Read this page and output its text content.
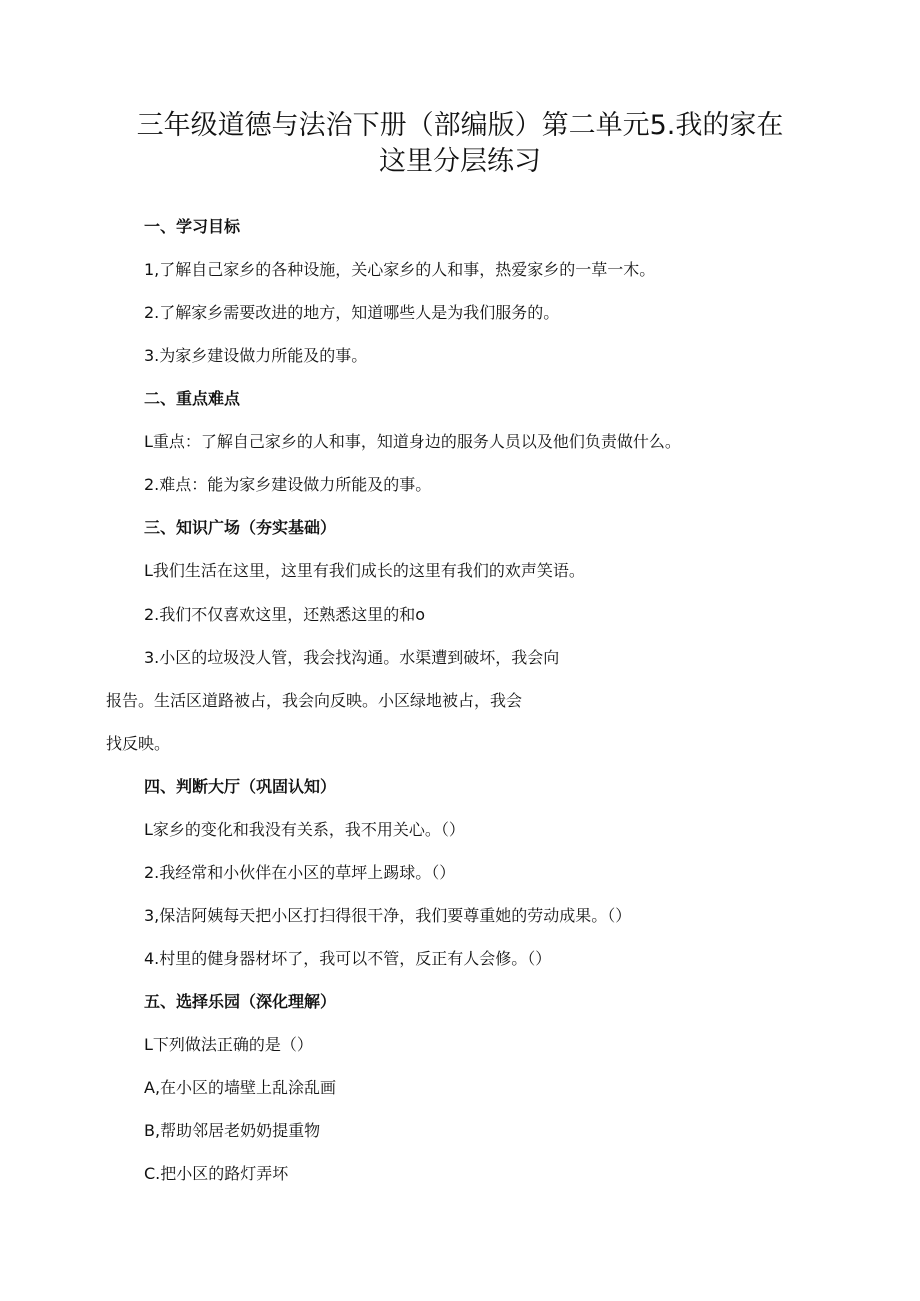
三年级道德与法治下册（部编版）第二单元5.我的家在
这里分层练习
一、学习目标
1,了解自己家乡的各种设施，关心家乡的人和事，热爱家乡的一草一木。
2.了解家乡需要改进的地方，知道哪些人是为我们服务的。
3.为家乡建设做力所能及的事。
二、重点难点
L重点：了解自己家乡的人和事，知道身边的服务人员以及他们负责做什么。
2.难点：能为家乡建设做力所能及的事。
三、知识广场（夯实基础）
L我们生活在这里，这里有我们成长的这里有我们的欢声笑语。
2.我们不仅喜欢这里，还熟悉这里的和o
3.小区的垃圾没人管，我会找沟通。水渠遭到破坏，我会向
报告。生活区道路被占，我会向反映。小区绿地被占，我会
找反映。
四、判断大厅（巩固认知）
L家乡的变化和我没有关系，我不用关心。（）
2.我经常和小伙伴在小区的草坪上踢球。（）
3,保洁阿姨每天把小区打扫得很干净，我们要尊重她的劳动成果。（）
4.村里的健身器材坏了，我可以不管，反正有人会修。（）
五、选择乐园（深化理解）
L下列做法正确的是（）
A,在小区的墙壁上乱涂乱画
B,帮助邻居老奶奶提重物
C.把小区的路灯弄坏
